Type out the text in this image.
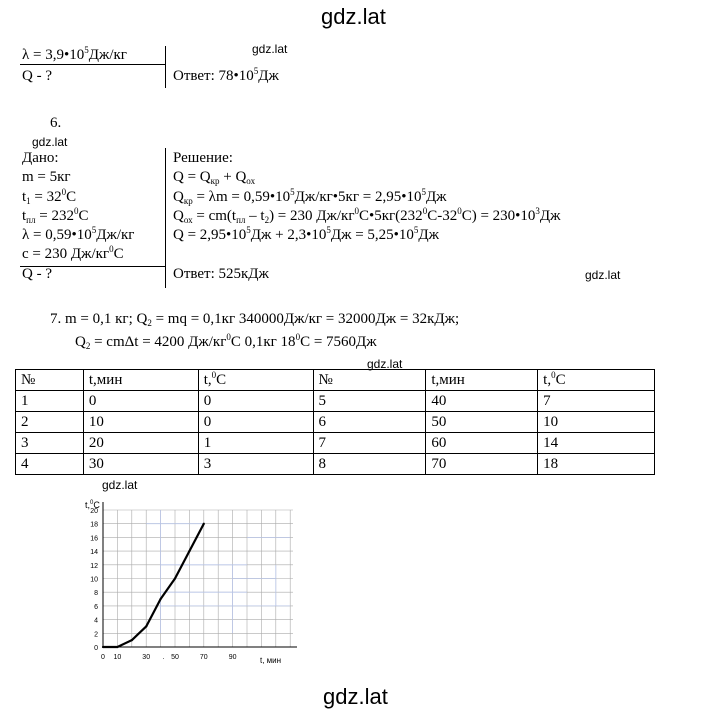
gdz.lat
gdz.lat
gdz.lat
gdz.lat
gdz.lat
gdz.lat
gdz.lat
$\lambda = 3,9•10^5Дж/кг$
Q - ?	Ответ: $78•10^5Дж$
6.
Дано:
m = 5кг
$t_1 = 32^0С$
$t_{пл} = 232^0С$
$\lambda = 0,59•10^5Дж/кг$
c = 230 $Дж/кг^0С$
Q - ?
Решение:
$Q = Q_{кр} + Q_{ох}$
$Q_{кр} = \lambda m$ = $0,59•10^5Дж/кг•5кг$ = $2,95•10^5Дж$
$Q_{ох} = cm(t_{пл} - t_2) = 230$ $Дж/кг^0С•5кг(232^0С-32^0С)$ = $230•10^3Дж$
$Q = 2,95•10^5Дж$ + $2,3•10^5Дж$ = $5,25•10^5Дж$
Ответ: 525кДж
7. m = 0,1 кг; $Q_2$ = mq = 0,1кг 340000Дж/кг = 32000Дж = 32кДж;
$Q_2 = cm\Delta t = 4200$ $Дж/кг^0С$ 0,1кг $18^0С = 7560Дж$
№	t,мин	t,$^0$С	№	t,мин	t,$^0$С
1	0	0	5	40	7
2	10	0	6	50	10
3	20	1	7	60	14
4	30	3	8	70	18
20
18
16
14
12
10
8
6
4
2
0
10	30 . 50	70	90
0
t,$^0$C
t, мин
